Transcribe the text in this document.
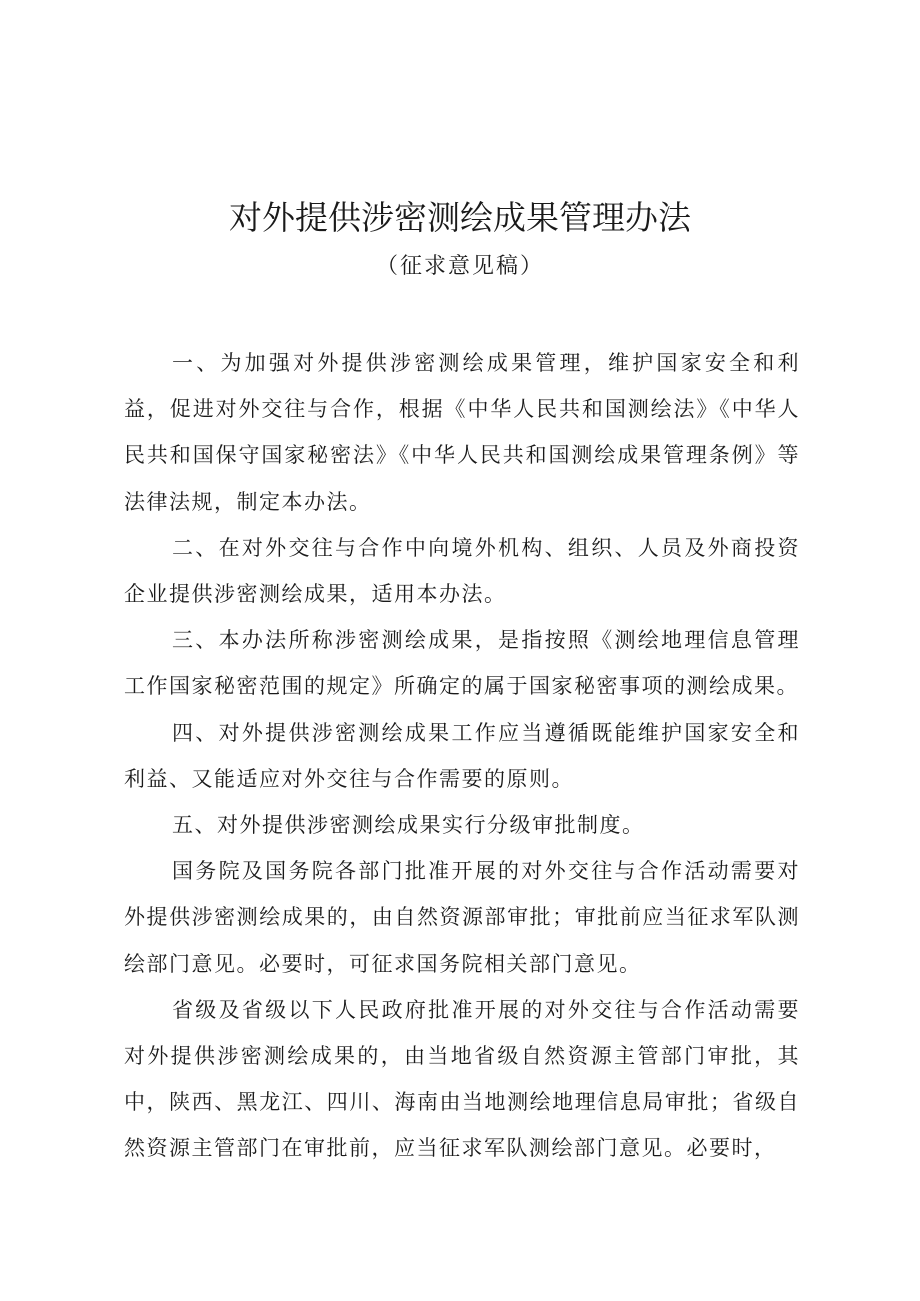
对外提供涉密测绘成果管理办法
（征求意见稿）

一、为加强对外提供涉密测绘成果管理，维护国家安全和利益，促进对外交往与合作，根据《中华人民共和国测绘法》《中华人民共和国保守国家秘密法》《中华人民共和国测绘成果管理条例》等法律法规，制定本办法。

二、在对外交往与合作中向境外机构、组织、人员及外商投资企业提供涉密测绘成果，适用本办法。

三、本办法所称涉密测绘成果，是指按照《测绘地理信息管理工作国家秘密范围的规定》所确定的属于国家秘密事项的测绘成果。

四、对外提供涉密测绘成果工作应当遵循既能维护国家安全和利益、又能适应对外交往与合作需要的原则。

五、对外提供涉密测绘成果实行分级审批制度。

国务院及国务院各部门批准开展的对外交往与合作活动需要对外提供涉密测绘成果的，由自然资源部审批；审批前应当征求军队测绘部门意见。必要时，可征求国务院相关部门意见。

省级及省级以下人民政府批准开展的对外交往与合作活动需要对外提供涉密测绘成果的，由当地省级自然资源主管部门审批，其中，陕西、黑龙江、四川、海南由当地测绘地理信息局审批；省级自然资源主管部门在审批前，应当征求军队测绘部门意见。必要时，
